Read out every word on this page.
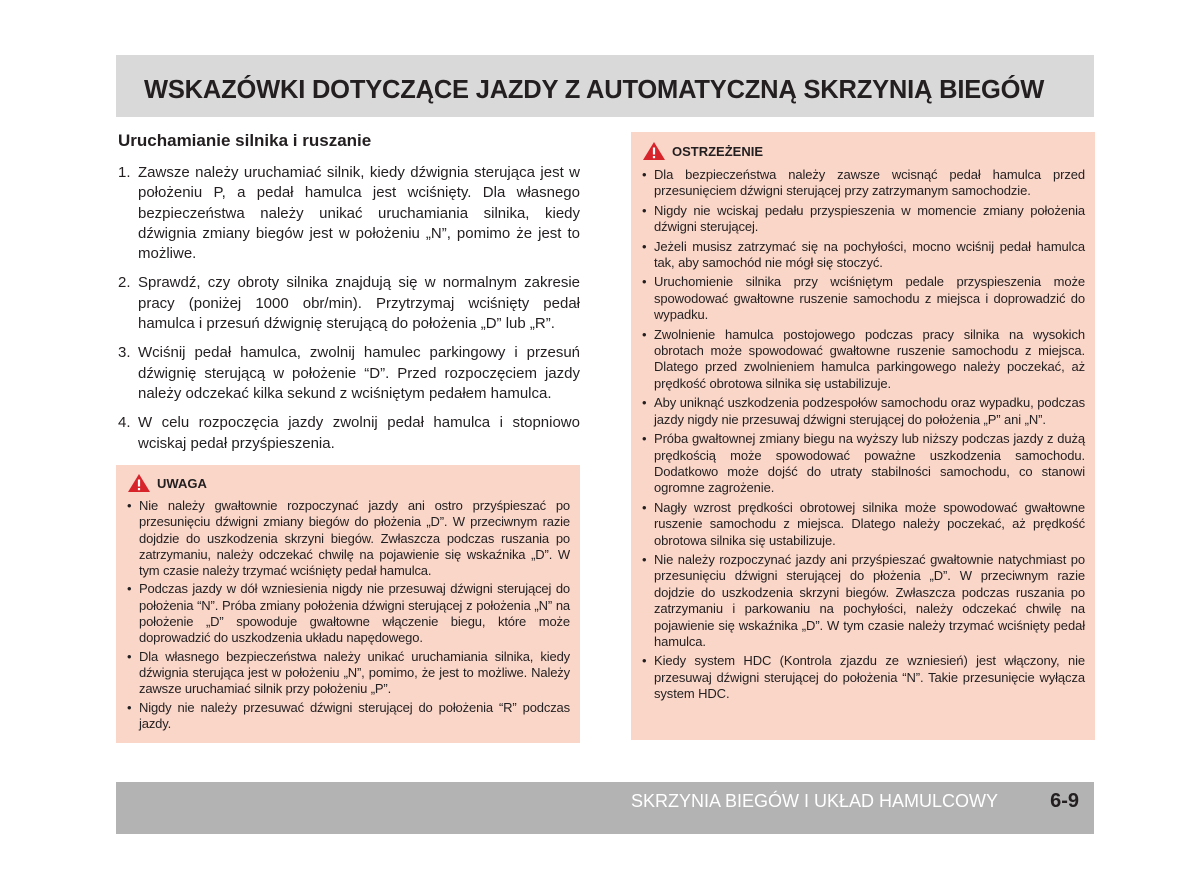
WSKAZÓWKI DOTYCZĄCE JAZDY Z AUTOMATYCZNĄ SKRZYNIĄ BIEGÓW
Uruchamianie silnika i ruszanie
1. Zawsze należy uruchamiać silnik, kiedy dźwignia sterująca jest w położeniu P, a pedał hamulca jest wciśnięty. Dla własnego bezpieczeństwa należy unikać uruchamiania silnika, kiedy dźwignia zmiany biegów jest w położeniu „N”, pomimo że jest to możliwe.
2. Sprawdź, czy obroty silnika znajdują się w normalnym zakresie pracy (poniżej 1000 obr/min). Przytrzymaj wciśnięty pedał hamulca i przesuń dźwignię sterującą do położenia „D” lub „R”.
3. Wciśnij pedał hamulca, zwolnij hamulec parkingowy i przesuń dźwignię sterującą w położenie “D”. Przed rozpoczęciem jazdy należy odczekać kilka sekund z wciśniętym pedałem hamulca.
4. W celu rozpoczęcia jazdy zwolnij pedał hamulca i stopniowo wciskaj pedał przyśpieszenia.
UWAGA
• Nie należy gwałtownie rozpoczynać jazdy ani ostro przyśpieszać po przesunięciu dźwigni zmiany biegów do płożenia „D”. W przeciwnym razie dojdzie do uszkodzenia skrzyni biegów. Zwłaszcza podczas ruszania po zatrzymaniu, należy odczekać chwilę na pojawienie się wskaźnika „D”. W tym czasie należy trzymać wciśnięty pedał hamulca.
• Podczas jazdy w dół wzniesienia nigdy nie przesuwaj dźwigni sterującej do położenia “N”. Próba zmiany położenia dźwigni sterującej z położenia „N” na położenie „D” spowoduje gwałtowne włączenie biegu, które może doprowadzić do uszkodzenia układu napędowego.
• Dla własnego bezpieczeństwa należy unikać uruchamiania silnika, kiedy dźwignia sterująca jest w położeniu „N”, pomimo, że jest to możliwe. Należy zawsze uruchamiać silnik przy położeniu „P”.
• Nigdy nie należy przesuwać dźwigni sterującej do położenia “R” podczas jazdy.
OSTRZEŻENIE
• Dla bezpieczeństwa należy zawsze wcisnąć pedał hamulca przed przesunięciem dźwigni sterującej przy zatrzymanym samochodzie.
• Nigdy nie wciskaj pedału przyspieszenia w momencie zmiany położenia dźwigni sterującej.
• Jeżeli musisz zatrzymać się na pochyłości, mocno wciśnij pedał hamulca tak, aby samochód nie mógł się stoczyć.
• Uruchomienie silnika przy wciśniętym pedale przyspieszenia może spowodować gwałtowne ruszenie samochodu z miejsca i doprowadzić do wypadku.
• Zwolnienie hamulca postojowego podczas pracy silnika na wysokich obrotach może spowodować gwałtowne ruszenie samochodu z miejsca. Dlatego przed zwolnieniem hamulca parkingowego należy poczekać, aż prędkość obrotowa silnika się ustabilizuje.
• Aby uniknąć uszkodzenia podzespołów samochodu oraz wypadku, podczas jazdy nigdy nie przesuwaj dźwigni sterującej do położenia „P” ani „N”.
• Próba gwałtownej zmiany biegu na wyższy lub niższy podczas jazdy z dużą prędkością może spowodować poważne uszkodzenia samochodu. Dodatkowo może dojść do utraty stabilności samochodu, co stanowi ogromne zagrożenie.
• Nagły wzrost prędkości obrotowej silnika może spowodować gwałtowne ruszenie samochodu z miejsca. Dlatego należy poczekać, aż prędkość obrotowa silnika się ustabilizuje.
• Nie należy rozpoczynać jazdy ani przyśpieszać gwałtownie natychmiast po przesunięciu dźwigni sterującej do płożenia „D”. W przeciwnym razie dojdzie do uszkodzenia skrzyni biegów. Zwłaszcza podczas ruszania po zatrzymaniu i parkowaniu na pochyłości, należy odczekać chwilę na pojawienie się wskaźnika „D”. W tym czasie należy trzymać wciśnięty pedał hamulca.
• Kiedy system HDC (Kontrola zjazdu ze wzniesień) jest włączony, nie przesuwaj dźwigni sterującej do położenia “N”. Takie przesunięcie wyłącza system HDC.
SKRZYNIA BIEGÓW I UKŁAD HAMULCOWY	6-9
